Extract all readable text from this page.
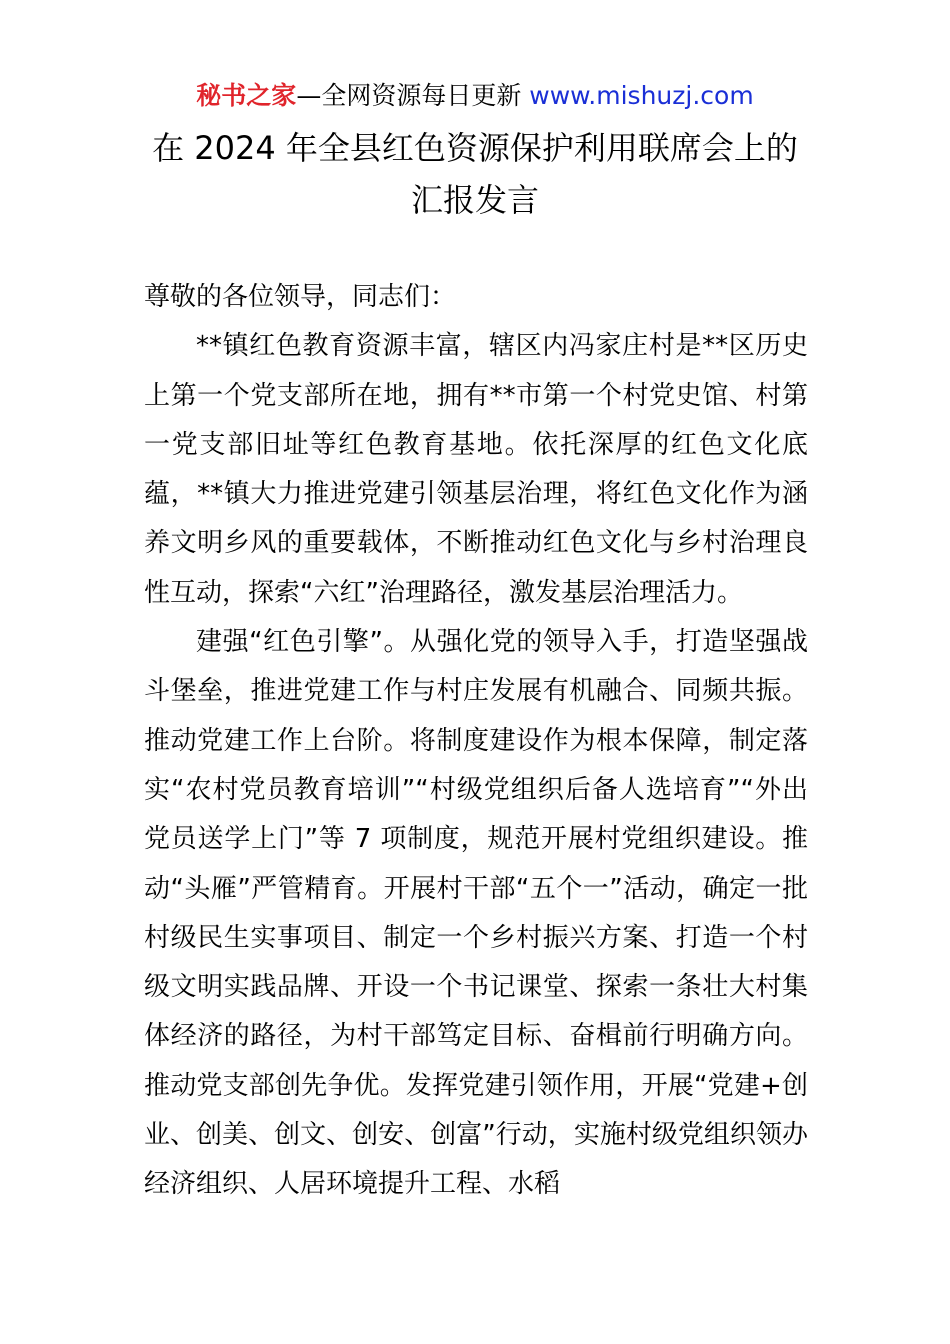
秘书之家—全网资源每日更新 www.mishuzj.com
在 2024 年全县红色资源保护利用联席会上的
汇报发言

尊敬的各位领导，同志们：

**镇红色教育资源丰富，辖区内冯家庄村是**区历史上第一个党支部所在地，拥有**市第一个村党史馆、村第一党支部旧址等红色教育基地。依托深厚的红色文化底蕴，**镇大力推进党建引领基层治理，将红色文化作为涵养文明乡风的重要载体，不断推动红色文化与乡村治理良性互动，探索“六红”治理路径，激发基层治理活力。

建强“红色引擎”。从强化党的领导入手，打造坚强战斗堡垒，推进党建工作与村庄发展有机融合、同频共振。推动党建工作上台阶。将制度建设作为根本保障，制定落实“农村党员教育培训”“村级党组织后备人选培育”“外出党员送学上门”等 7 项制度，规范开展村党组织建设。推动“头雁”严管精育。开展村干部“五个一”活动，确定一批村级民生实事项目、制定一个乡村振兴方案、打造一个村级文明实践品牌、开设一个书记课堂、探索一条壮大村集体经济的路径，为村干部笃定目标、奋楫前行明确方向。推动党支部创先争优。发挥党建引领作用，开展“党建+创业、创美、创文、创安、创富”行动，实施村级党组织领办经济组织、人居环境提升工程、水稻
